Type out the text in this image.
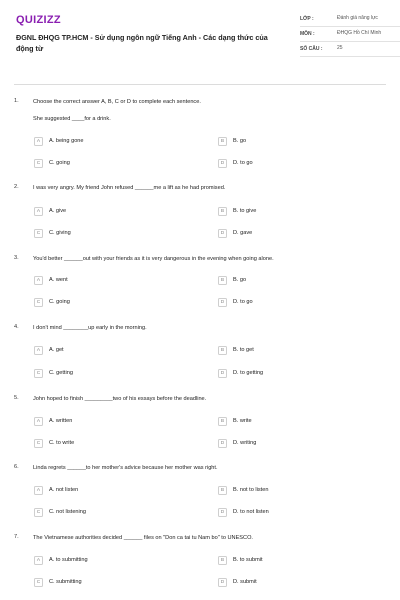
QUIZIZZ
ĐGNL ĐHQG TP.HCM - Sử dụng ngôn ngữ Tiếng Anh - Các dạng thức của động từ
LỚP :	Đánh giá năng lực
MÔN :	ĐHQG Hồ Chí Minh
SỐ CÂU :	25
1.	Choose the correct answer A, B, C or D to complete each sentence.
She suggested ____for a drink.
A	A. being gone	B	B. go
C	C. going	D	D. to go
2.	I was very angry. My friend John refused ______me a lift as he had promised.
A	A. give	B	B. to give
C	C. giving	D	D. gave
3.	You'd better ______out with your friends as it is very dangerous in the evening when going alone.
A	A. went	B	B. go
C	C. going	D	D. to go
4.	I don't mind ________up early in the morning.
A	A. get	B	B. to get
C	C. getting	D	D. to getting
5.	John hoped to finish _________two of his essays before the deadline.
A	A. written	B	B. write
C	C. to write	D	D. writing
6.	Linda regrets ______to her mother's advice because her mother was right.
A	A. not listen	B	B. not to listen
C	C. not listening	D	D. to not listen
7.	The Vietnamese authorities decided ______ files on "Don ca tai tu Nam bo" to UNESCO.
A	A. to submitting	B	B. to submit
C	C. submitting	D	D. submit
